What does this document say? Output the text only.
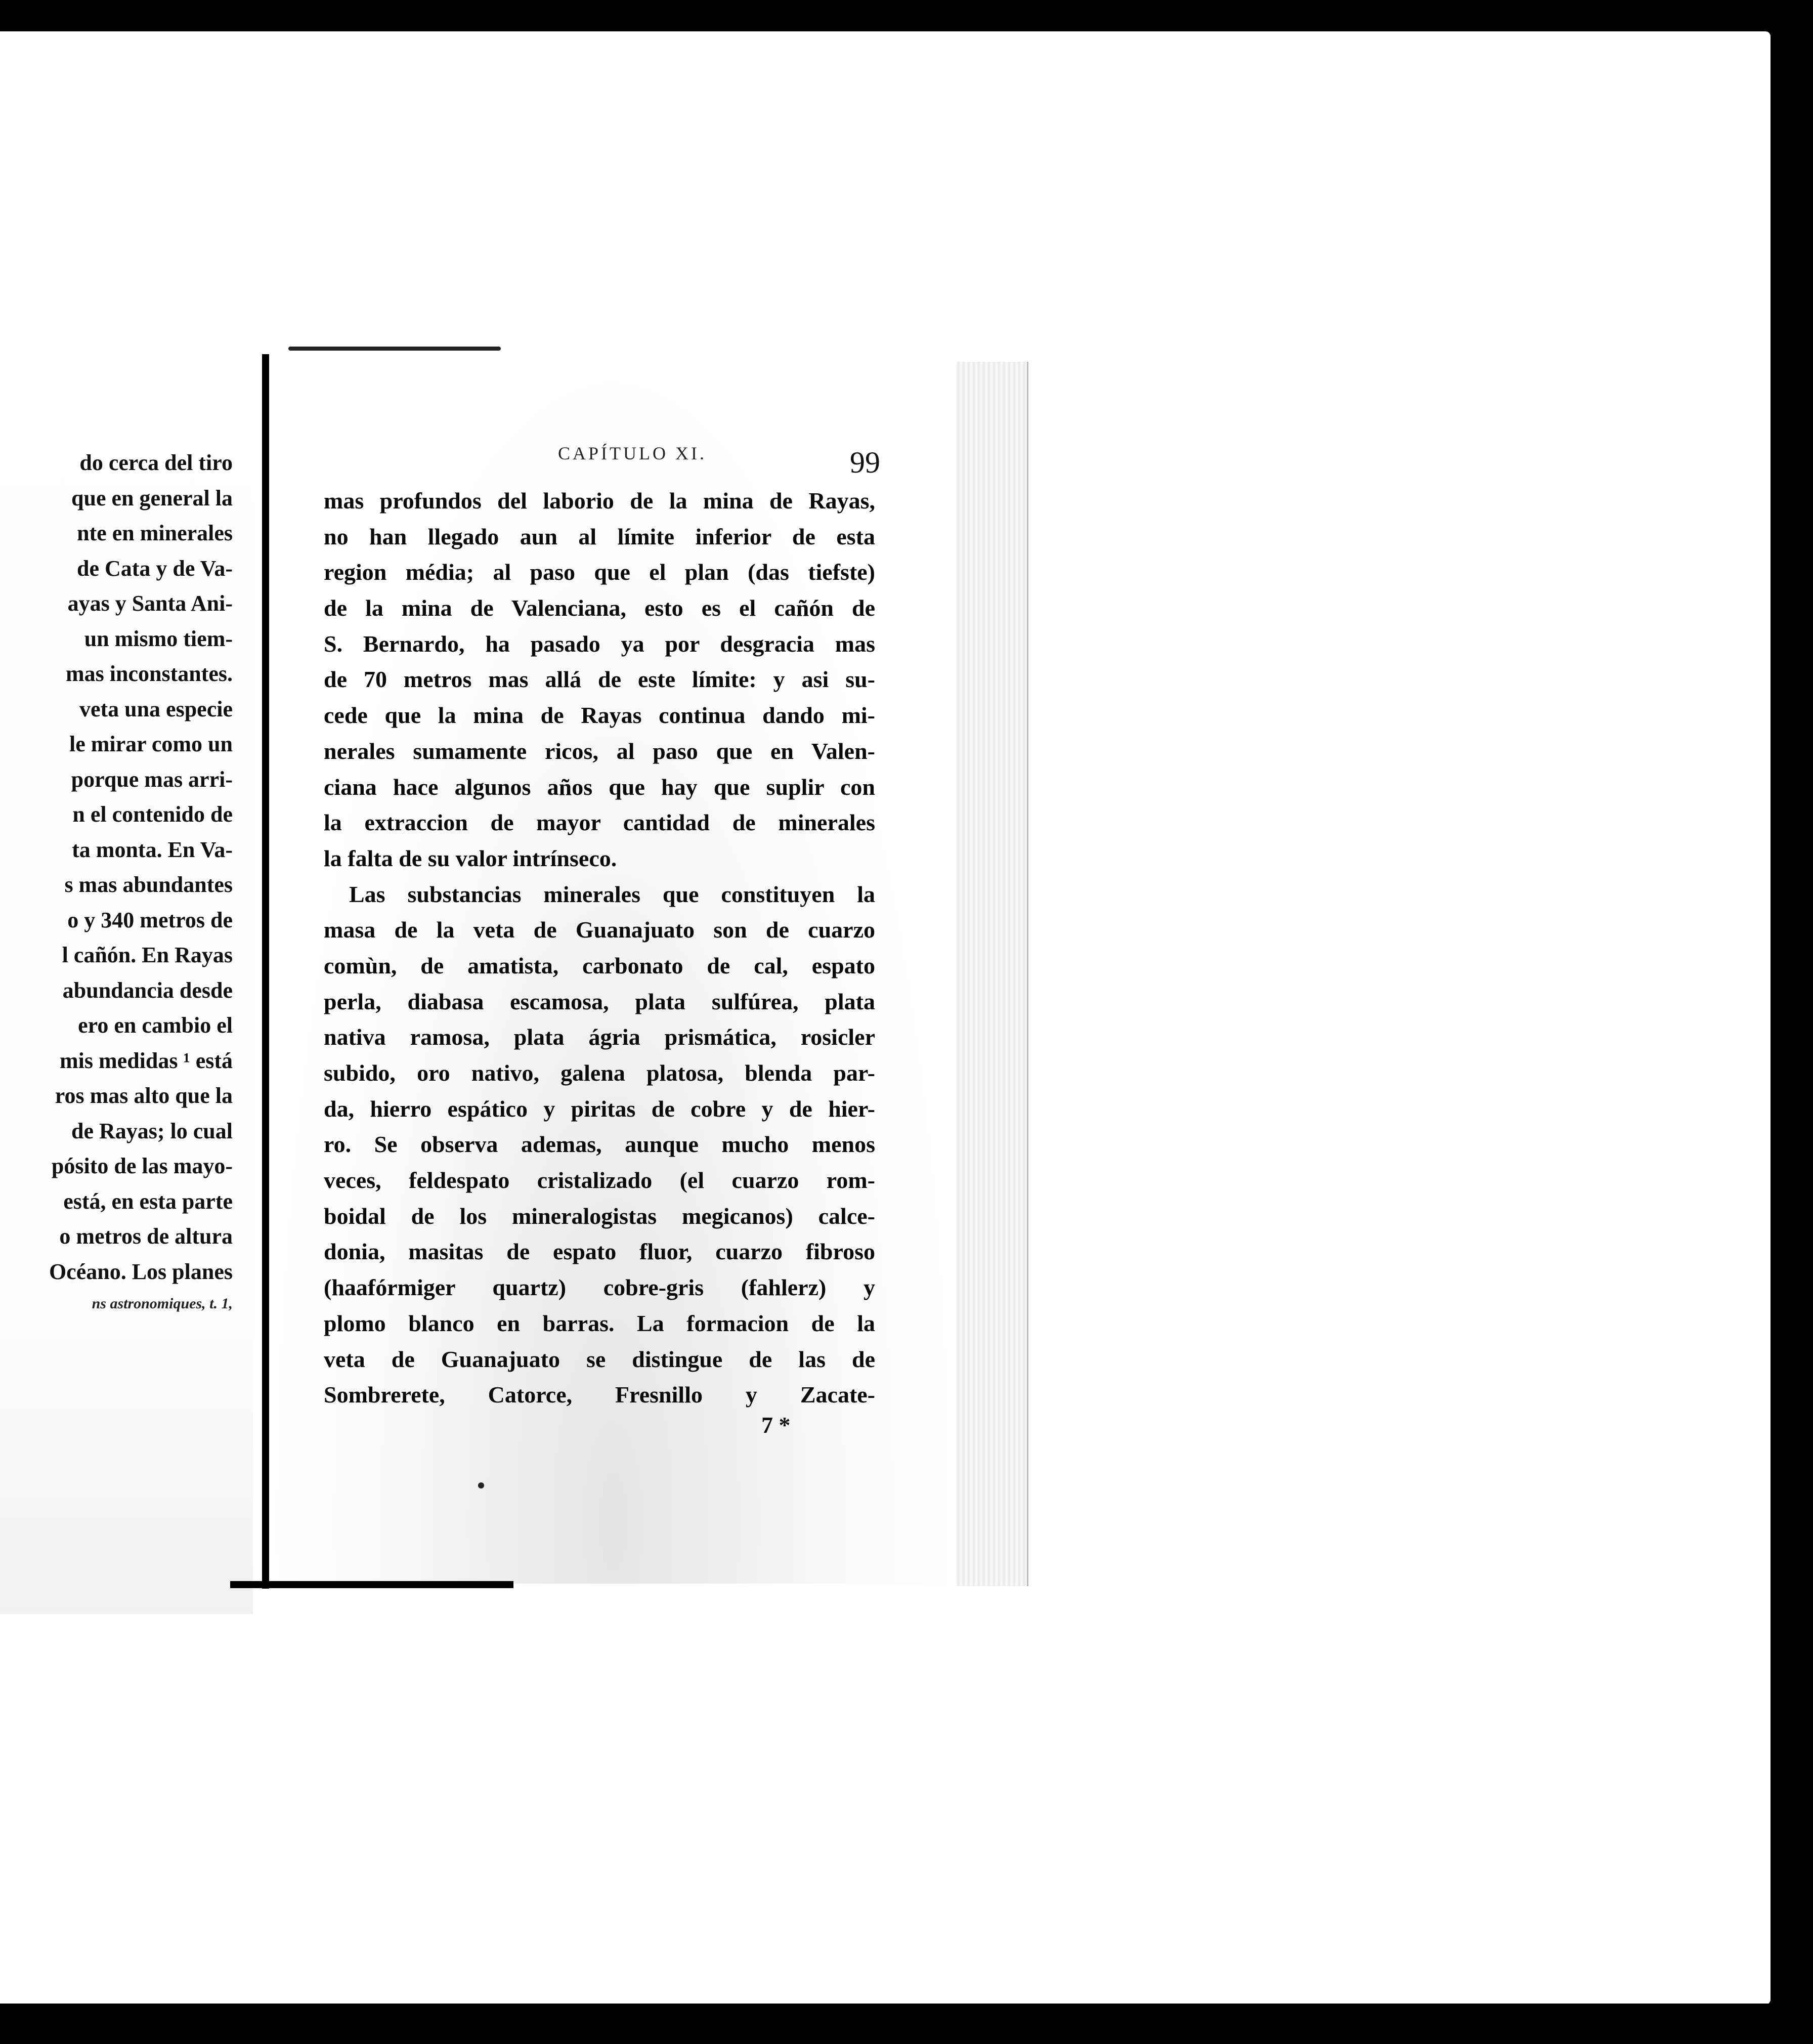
do cerca del tiro
que en general la
nte en minerales
de Cata y de Va-
ayas y Santa Ani-
un mismo tiem-
mas inconstantes.
veta una especie
le mirar como un
porque mas arri-
n el contenido de
ta monta. En Va-
s mas abundantes
o y 340 metros de
l cañón. En Rayas
abundancia desde
ero en cambio el
mis medidas ¹ está
ros mas alto que la
de Rayas; lo cual
pósito de las mayo-
está, en esta parte
o metros de altura
Océano. Los planes
ns astronomiques, t. 1,
CAPÍTULO XI.	99
mas profundos del laborio de la mina de Rayas,
no han llegado aun al límite inferior de esta
region média; al paso que el plan (das tiefste)
de la mina de Valenciana, esto es el cañón de
S. Bernardo, ha pasado ya por desgracia mas
de 70 metros mas allá de este límite: y asi su-
cede que la mina de Rayas continua dando mi-
nerales sumamente ricos, al paso que en Valen-
ciana hace algunos años que hay que suplir con
la extraccion de mayor cantidad de minerales
la falta de su valor intrínseco.
Las substancias minerales que constituyen la
masa de la veta de Guanajuato son de cuarzo
comùn, de amatista, carbonato de cal, espato
perla, diabasa escamosa, plata sulfúrea, plata
nativa ramosa, plata ágria prismática, rosicler
subido, oro nativo, galena platosa, blenda par-
da, hierro espático y piritas de cobre y de hier-
ro. Se observa ademas, aunque mucho menos
veces, feldespato cristalizado (el cuarzo rom-
boidal de los mineralogistas megicanos) calce-
donia, masitas de espato fluor, cuarzo fibroso
(haafórmiger quartz) cobre-gris (fahlerz) y
plomo blanco en barras. La formacion de la
veta de Guanajuato se distingue de las de
Sombrerete, Catorce, Fresnillo y Zacate-
7 *
